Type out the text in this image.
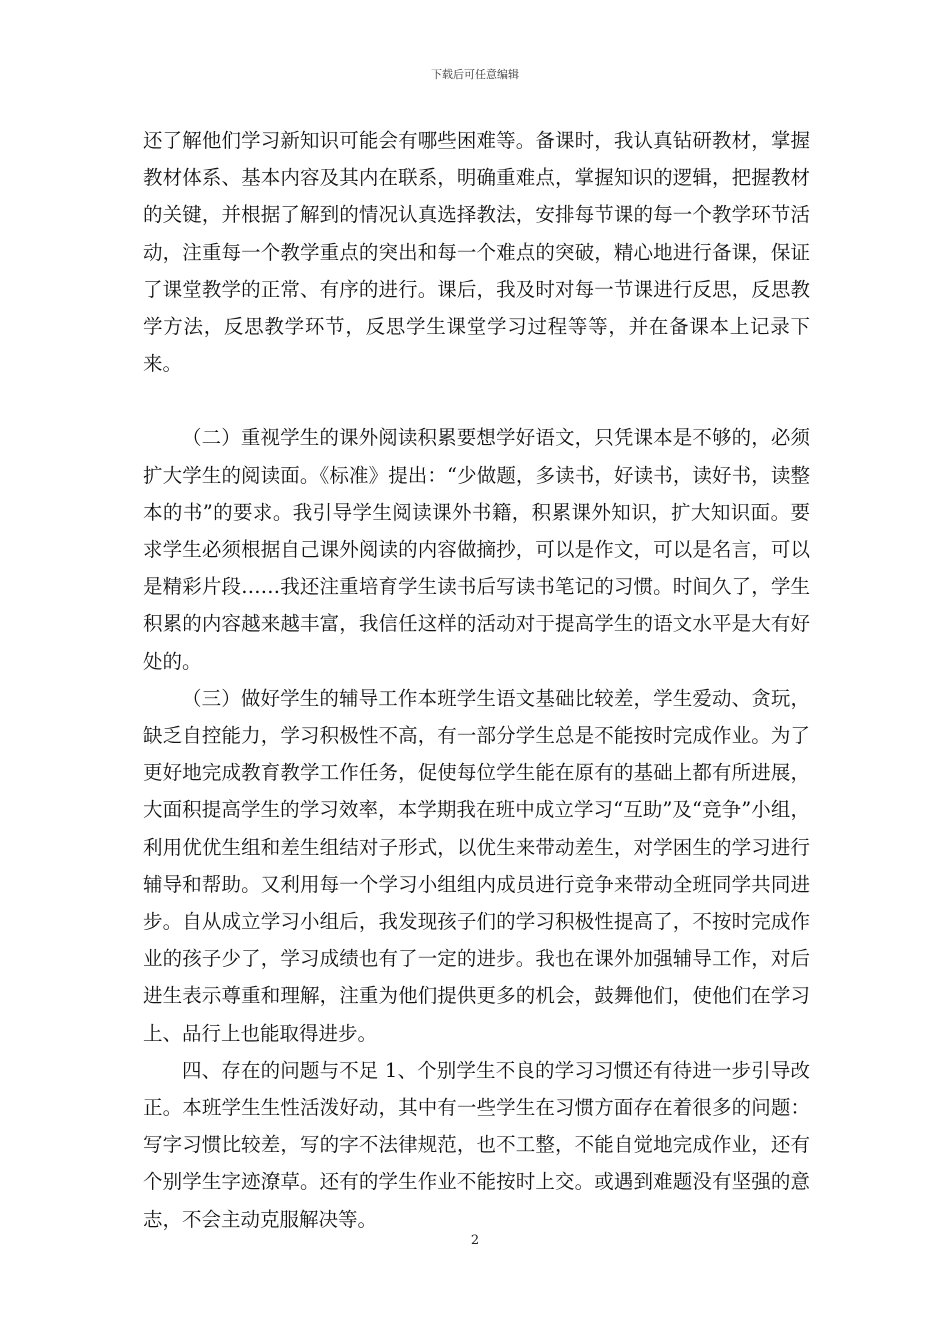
下载后可任意编辑

还了解他们学习新知识可能会有哪些困难等。备课时，我认真钻研教材，掌握教材体系、基本内容及其内在联系，明确重难点，掌握知识的逻辑，把握教材的关键，并根据了解到的情况认真选择教法，安排每节课的每一个教学环节活动，注重每一个教学重点的突出和每一个难点的突破，精心地进行备课，保证了课堂教学的正常、有序的进行。课后，我及时对每一节课进行反思，反思教学方法，反思教学环节，反思学生课堂学习过程等等，并在备课本上记录下来。

（二）重视学生的课外阅读积累要想学好语文，只凭课本是不够的，必须扩大学生的阅读面。《标准》提出：“少做题，多读书，好读书，读好书，读整本的书”的要求。我引导学生阅读课外书籍，积累课外知识，扩大知识面。要求学生必须根据自己课外阅读的内容做摘抄，可以是作文，可以是名言，可以是精彩片段……我还注重培育学生读书后写读书笔记的习惯。时间久了，学生积累的内容越来越丰富，我信任这样的活动对于提高学生的语文水平是大有好处的。

（三）做好学生的辅导工作本班学生语文基础比较差，学生爱动、贪玩，缺乏自控能力，学习积极性不高，有一部分学生总是不能按时完成作业。为了更好地完成教育教学工作任务，促使每位学生能在原有的基础上都有所进展，大面积提高学生的学习效率，本学期我在班中成立学习“互助”及“竞争”小组，利用优优生组和差生组结对子形式，以优生来带动差生，对学困生的学习进行辅导和帮助。又利用每一个学习小组组内成员进行竞争来带动全班同学共同进步。自从成立学习小组后，我发现孩子们的学习积极性提高了，不按时完成作业的孩子少了，学习成绩也有了一定的进步。我也在课外加强辅导工作，对后进生表示尊重和理解，注重为他们提供更多的机会，鼓舞他们，使他们在学习上、品行上也能取得进步。

四、存在的问题与不足 1、个别学生不良的学习习惯还有待进一步引导改正。本班学生生性活泼好动，其中有一些学生在习惯方面存在着很多的问题：写字习惯比较差，写的字不法律规范，也不工整，不能自觉地完成作业，还有个别学生字迹潦草。还有的学生作业不能按时上交。或遇到难题没有坚强的意志，不会主动克服解决等。

2
